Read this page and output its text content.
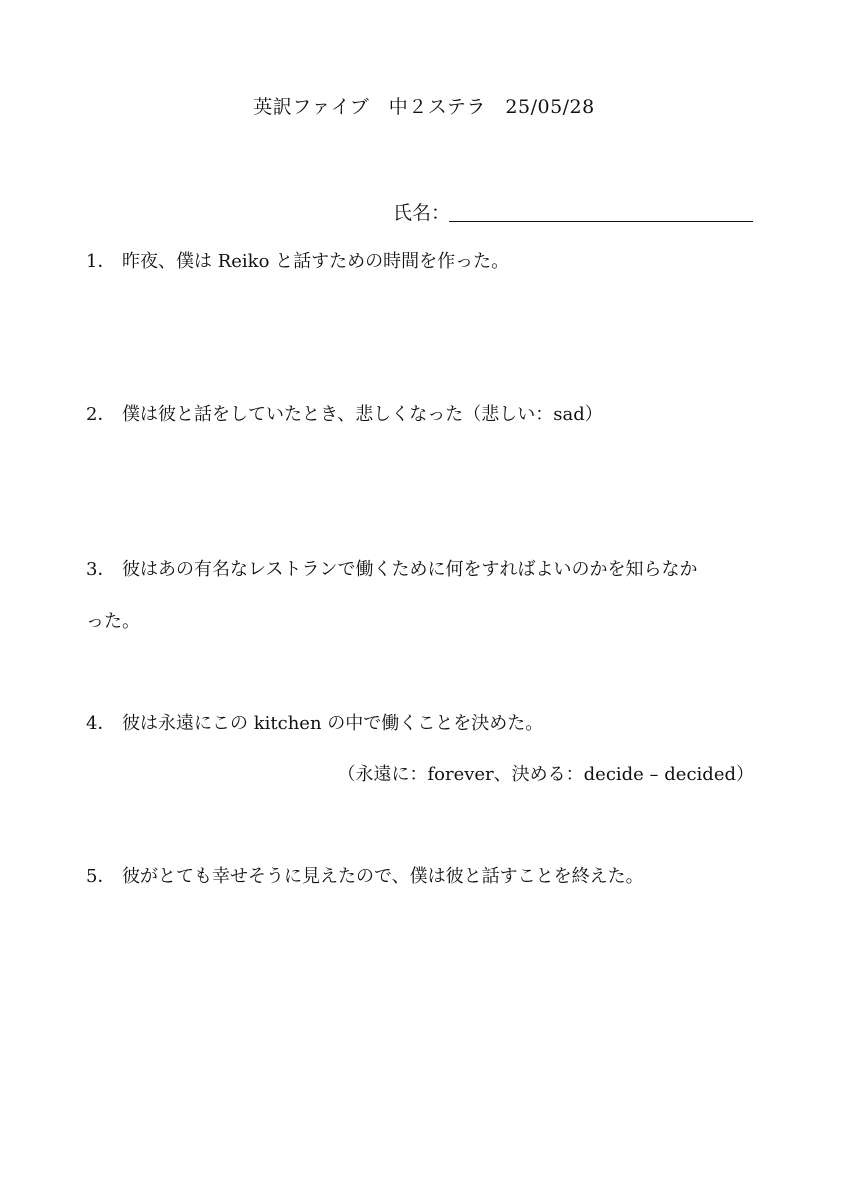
英訳ファイブ　中２ステラ　25/05/28
氏名：
1． 昨夜、僕は Reiko と話すための時間を作った。
2． 僕は彼と話をしていたとき、悲しくなった（悲しい：sad）
3． 彼はあの有名なレストランで働くために何をすればよいのかを知らなか
った。
4． 彼は永遠にこの kitchen の中で働くことを決めた。
（永遠に：forever、決める：decide – decided）
5． 彼がとても幸せそうに見えたので、僕は彼と話すことを終えた。
